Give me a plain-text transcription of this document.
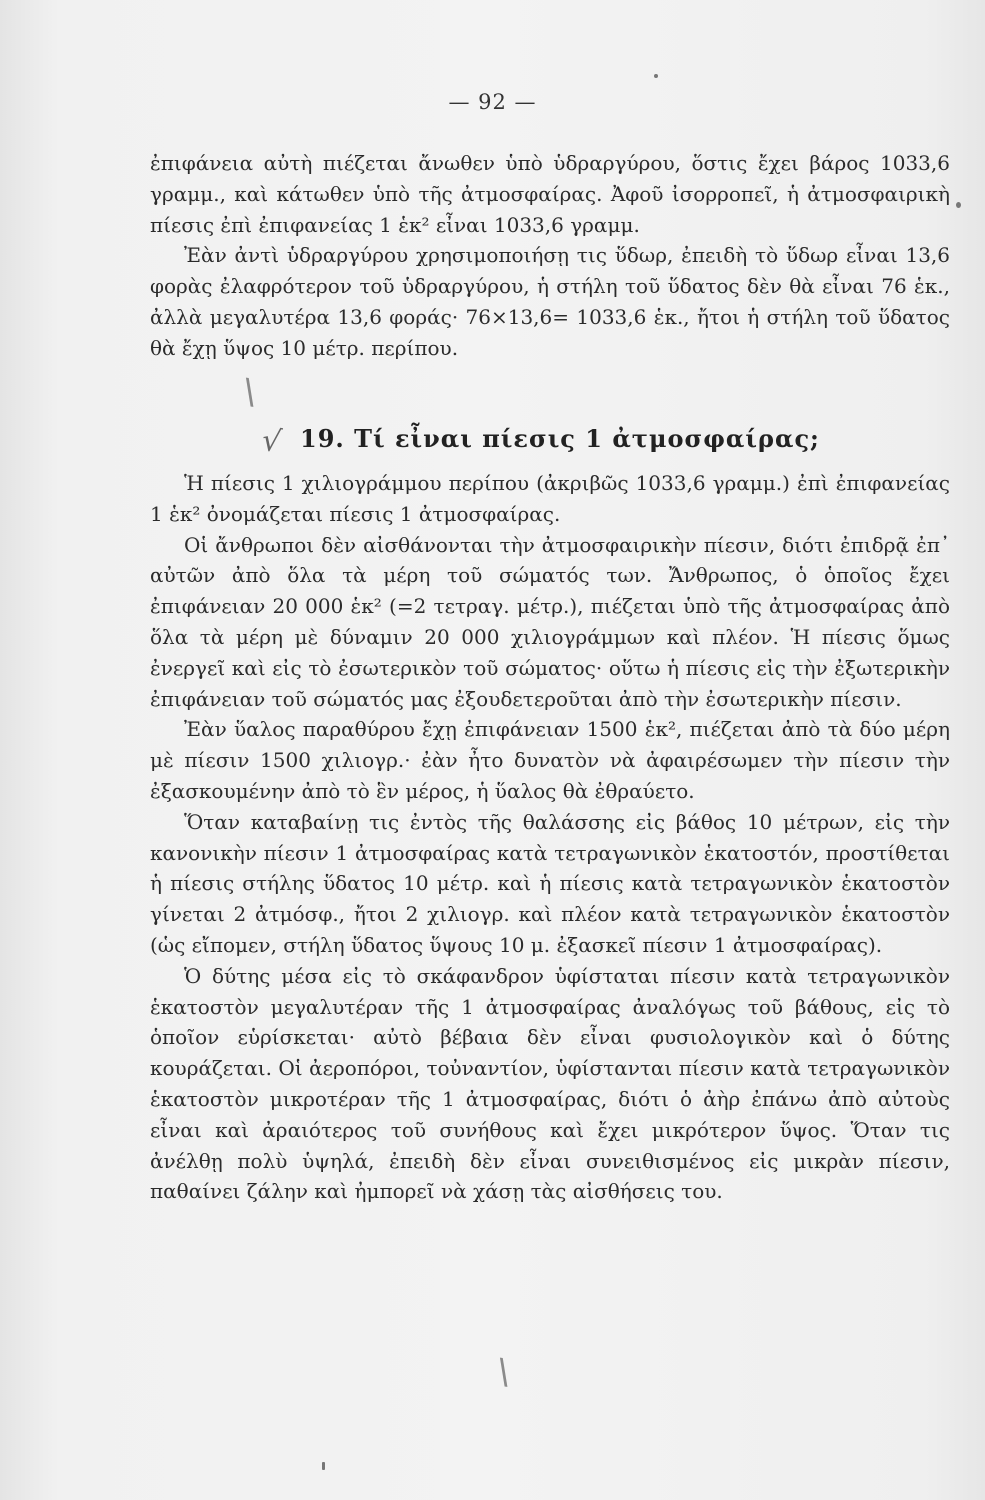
— 92 —

ἐπιφάνεια αὐτὴ πιέζεται ἄνωθεν ὑπὸ ὑδραργύρου, ὅστις ἔχει βάρος 1033,6 γραμμ., καὶ κάτωθεν ὑπὸ τῆς ἀτμοσφαίρας. Ἀφοῦ ἰσορροπεῖ, ἡ ἀτμοσφαιρικὴ πίεσις ἐπὶ ἐπιφανείας 1 ἑκ² εἶναι 1033,6 γραμμ.

Ἐὰν ἀντὶ ὑδραργύρου χρησιμοποιήσῃ τις ὕδωρ, ἐπειδὴ τὸ ὕδωρ εἶναι 13,6 φορὰς ἐλαφρότερον τοῦ ὑδραργύρου, ἡ στήλη τοῦ ὕδατος δὲν θὰ εἶναι 76 ἑκ., ἀλλὰ μεγαλυτέρα 13,6 φοράς· 76×13,6= 1033,6 ἑκ., ἤτοι ἡ στήλη τοῦ ὕδατος θὰ ἔχῃ ὕψος 10 μέτρ. περίπου.

\
√ 19. Τί εἶναι πίεσις 1 ἀτμοσφαίρας;

Ἡ πίεσις 1 χιλιογράμμου περίπου (ἀκριβῶς 1033,6 γραμμ.) ἐπὶ ἐπιφανείας 1 ἑκ² ὀνομάζεται πίεσις 1 ἀτμοσφαίρας.

Οἱ ἄνθρωποι δὲν αἰσθάνονται τὴν ἀτμοσφαιρικὴν πίεσιν, διότι ἐπιδρᾷ ἐπ᾽ αὐτῶν ἀπὸ ὅλα τὰ μέρη τοῦ σώματός των. Ἄνθρωπος, ὁ ὁποῖος ἔχει ἐπιφάνειαν 20 000 ἑκ² (=2 τετραγ. μέτρ.), πιέζεται ὑπὸ τῆς ἀτμοσφαίρας ἀπὸ ὅλα τὰ μέρη μὲ δύναμιν 20 000 χιλιογράμμων καὶ πλέον. Ἡ πίεσις ὅμως ἐνεργεῖ καὶ εἰς τὸ ἐσωτερικὸν τοῦ σώματος· οὕτω ἡ πίεσις εἰς τὴν ἐξωτερικὴν ἐπιφάνειαν τοῦ σώματός μας ἐξουδετεροῦται ἀπὸ τὴν ἐσωτερικὴν πίεσιν.

Ἐὰν ὕαλος παραθύρου ἔχῃ ἐπιφάνειαν 1500 ἑκ², πιέζεται ἀπὸ τὰ δύο μέρη μὲ πίεσιν 1500 χιλιογρ.· ἐὰν ἦτο δυνατὸν νὰ ἀφαιρέσωμεν τὴν πίεσιν τὴν ἐξασκουμένην ἀπὸ τὸ ἓν μέρος, ἡ ὕαλος θὰ ἐθραύετο.

Ὅταν καταβαίνῃ τις ἐντὸς τῆς θαλάσσης εἰς βάθος 10 μέτρων, εἰς τὴν κανονικὴν πίεσιν 1 ἀτμοσφαίρας κατὰ τετραγωνικὸν ἑκατοστόν, προστίθεται ἡ πίεσις στήλης ὕδατος 10 μέτρ. καὶ ἡ πίεσις κατὰ τετραγωνικὸν ἑκατοστὸν γίνεται 2 ἀτμόσφ., ἤτοι 2 χιλιογρ. καὶ πλέον κατὰ τετραγωνικὸν ἑκατοστὸν (ὡς εἴπομεν, στήλη ὕδατος ὕψους 10 μ. ἐξασκεῖ πίεσιν 1 ἀτμοσφαίρας).

Ὁ δύτης μέσα εἰς τὸ σκάφανδρον ὑφίσταται πίεσιν κατὰ τετραγωνικὸν ἑκατοστὸν μεγαλυτέραν τῆς 1 ἀτμοσφαίρας ἀναλόγως τοῦ βάθους, εἰς τὸ ὁποῖον εὑρίσκεται· αὐτὸ βέβαια δὲν εἶναι φυσιολογικὸν καὶ ὁ δύτης κουράζεται. Οἱ ἀεροπόροι, τοὐναντίον, ὑφίστανται πίεσιν κατὰ τετραγωνικὸν ἑκατοστὸν μικροτέραν τῆς 1 ἀτμοσφαίρας, διότι ὁ ἀὴρ ἐπάνω ἀπὸ αὐτοὺς εἶναι καὶ ἀραιότερος τοῦ συνήθους καὶ ἔχει μικρότερον ὕψος. Ὅταν τις ἀνέλθῃ πολὺ ὑψηλά, ἐπειδὴ δὲν εἶναι συνειθισμένος εἰς μικρὰν πίεσιν, παθαίνει ζάλην καὶ ἠμπορεῖ νὰ χάσῃ τὰς αἰσθήσεις του.

\
